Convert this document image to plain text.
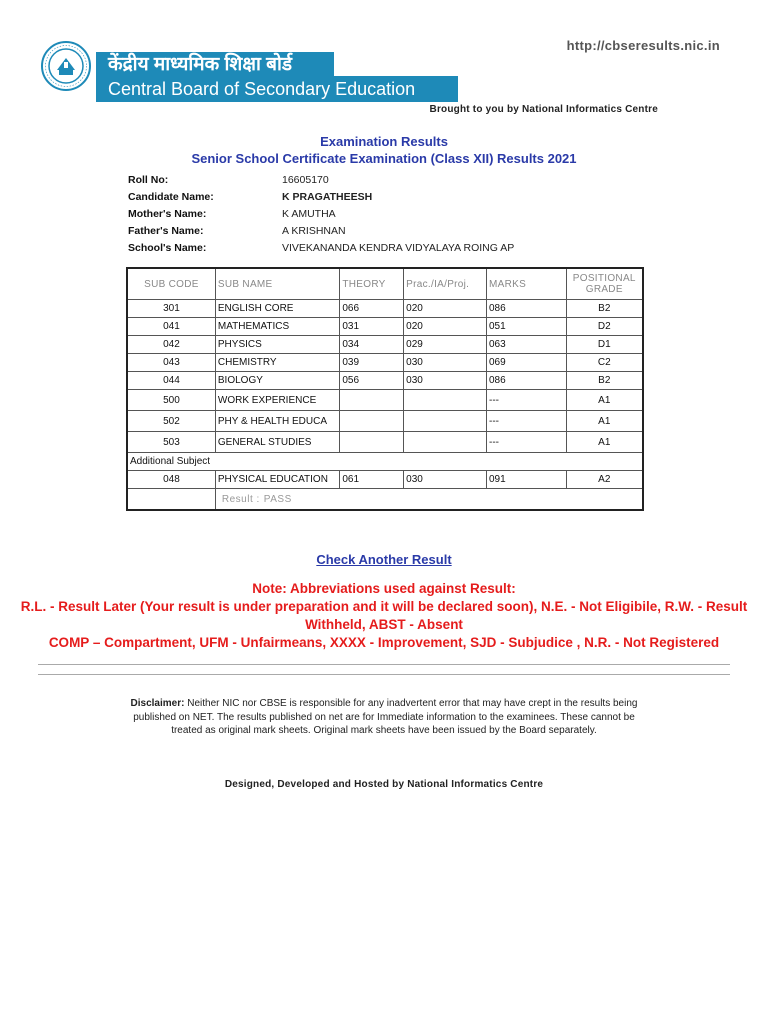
http://cbseresults.nic.in
केंद्रीय माध्यमिक शिक्षा बोर्ड
Central Board of Secondary Education
Brought to you by National Informatics Centre
Examination Results
Senior School Certificate Examination (Class XII) Results 2021
Roll No:	16605170
Candidate Name:	K PRAGATHEESH
Mother's Name:	K AMUTHA
Father's Name:	A KRISHNAN
School's Name:	VIVEKANANDA KENDRA VIDYALAYA ROING AP
SUB CODE	SUB NAME	THEORY	Prac./IA/Proj.	MARKS	POSITIONAL
GRADE
301	ENGLISH CORE	066	020	086	B2
041	MATHEMATICS	031	020	051	D2
042	PHYSICS	034	029	063	D1
043	CHEMISTRY	039	030	069	C2
044	BIOLOGY	056	030	086	B2
500	WORK EXPERIENCE			---	A1
502	PHY & HEALTH EDUCA			---	A1
503	GENERAL STUDIES			---	A1
Additional Subject					
048	PHYSICAL EDUCATION	061	030	091	A2
	Result : PASS				
Check Another Result
Note: Abbreviations used against Result:
R.L. - Result Later (Your result is under preparation and it will be declared soon), N.E. - Not Eligibile, R.W. - Result Withheld, ABST - Absent
COMP – Compartment, UFM - Unfairmeans, XXXX - Improvement, SJD - Subjudice , N.R. - Not Registered
Disclaimer: Neither NIC nor CBSE is responsible for any inadvertent error that may have crept in the results being published on NET. The results published on net are for Immediate information to the examinees. These cannot be treated as original mark sheets. Original mark sheets have been issued by the Board separately.
Designed, Developed and Hosted by National Informatics Centre
